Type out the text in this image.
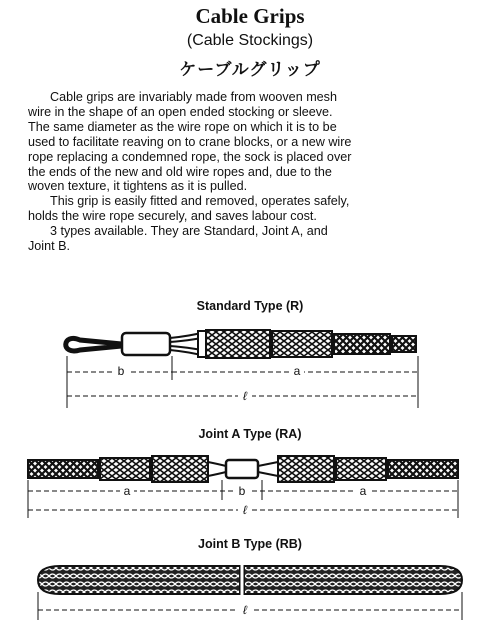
Cable Grips
(Cable Stockings)
ケーブルグリップ

Cable grips are invariably made from wooven mesh
wire in the shape of an open ended stocking or sleeve.
The same diameter as the wire rope on which it is to be
used to facilitate reaving on to crane blocks, or a new wire
rope replacing a condemned rope, the sock is placed over
the ends of the new and old wire ropes and, due to the
woven texture, it tightens as it is pulled.

This grip is easily fitted and removed, operates safely,
holds the wire rope securely, and saves labour cost.

3 types available. They are Standard, Joint A, and
Joint B.

Standard Type (R)
b	a
ℓ
Joint A Type (RA)
a	b	a
ℓ
Joint B Type (RB)
ℓ
